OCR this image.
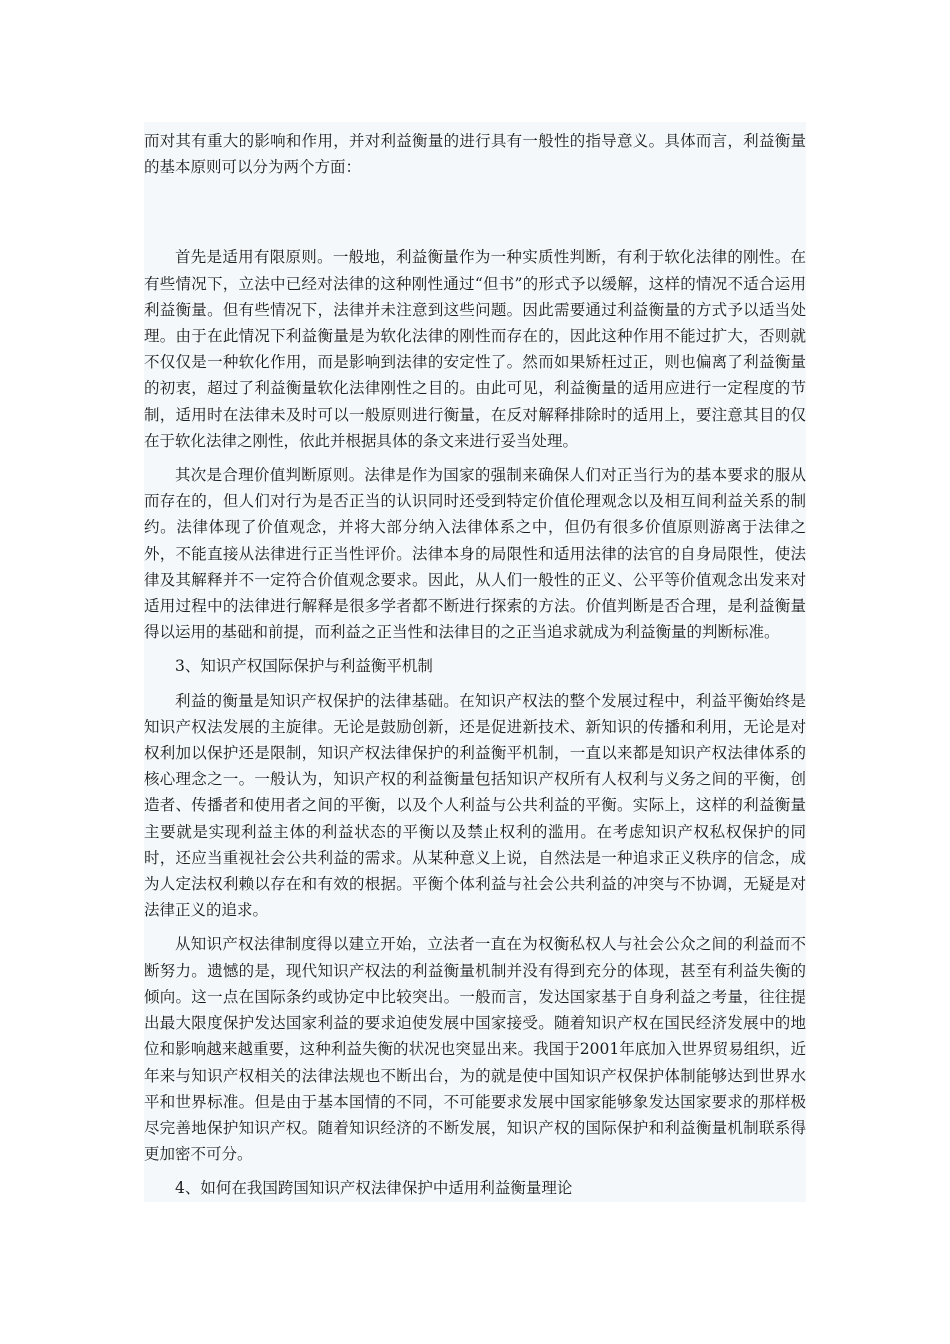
而对其有重大的影响和作用，并对利益衡量的进行具有一般性的指导意义。具体而言，利益衡量的基本原则可以分为两个方面：

首先是适用有限原则。一般地，利益衡量作为一种实质性判断，有利于软化法律的刚性。在有些情况下，立法中已经对法律的这种刚性通过“但书”的形式予以缓解，这样的情况不适合运用利益衡量。但有些情况下，法律并未注意到这些问题。因此需要通过利益衡量的方式予以适当处理。由于在此情况下利益衡量是为软化法律的刚性而存在的，因此这种作用不能过扩大，否则就不仅仅是一种软化作用，而是影响到法律的安定性了。然而如果矫枉过正，则也偏离了利益衡量的初衷，超过了利益衡量软化法律刚性之目的。由此可见，利益衡量的适用应进行一定程度的节制，适用时在法律未及时可以一般原则进行衡量，在反对解释排除时的适用上，要注意其目的仅在于软化法律之刚性，依此并根据具体的条文来进行妥当处理。

其次是合理价值判断原则。法律是作为国家的强制来确保人们对正当行为的基本要求的服从而存在的，但人们对行为是否正当的认识同时还受到特定价值伦理观念以及相互间利益关系的制约。法律体现了价值观念，并将大部分纳入法律体系之中，但仍有很多价值原则游离于法律之外，不能直接从法律进行正当性评价。法律本身的局限性和适用法律的法官的自身局限性，使法律及其解释并不一定符合价值观念要求。因此，从人们一般性的正义、公平等价值观念出发来对适用过程中的法律进行解释是很多学者都不断进行探索的方法。价值判断是否合理，是利益衡量得以运用的基础和前提，而利益之正当性和法律目的之正当追求就成为利益衡量的判断标准。

3、知识产权国际保护与利益衡平机制

利益的衡量是知识产权保护的法律基础。在知识产权法的整个发展过程中，利益平衡始终是知识产权法发展的主旋律。无论是鼓励创新，还是促进新技术、新知识的传播和利用，无论是对权利加以保护还是限制，知识产权法律保护的利益衡平机制，一直以来都是知识产权法律体系的核心理念之一。一般认为，知识产权的利益衡量包括知识产权所有人权利与义务之间的平衡，创造者、传播者和使用者之间的平衡，以及个人利益与公共利益的平衡。实际上，这样的利益衡量主要就是实现利益主体的利益状态的平衡以及禁止权利的滥用。在考虑知识产权私权保护的同时，还应当重视社会公共利益的需求。从某种意义上说，自然法是一种追求正义秩序的信念，成为人定法权利赖以存在和有效的根据。平衡个体利益与社会公共利益的冲突与不协调，无疑是对法律正义的追求。

从知识产权法律制度得以建立开始，立法者一直在为权衡私权人与社会公众之间的利益而不断努力。遗憾的是，现代知识产权法的利益衡量机制并没有得到充分的体现，甚至有利益失衡的倾向。这一点在国际条约或协定中比较突出。一般而言，发达国家基于自身利益之考量，往往提出最大限度保护发达国家利益的要求迫使发展中国家接受。随着知识产权在国民经济发展中的地位和影响越来越重要，这种利益失衡的状况也突显出来。我国于2001年底加入世界贸易组织，近年来与知识产权相关的法律法规也不断出台，为的就是使中国知识产权保护体制能够达到世界水平和世界标准。但是由于基本国情的不同，不可能要求发展中国家能够象发达国家要求的那样极尽完善地保护知识产权。随着知识经济的不断发展，知识产权的国际保护和利益衡量机制联系得更加密不可分。

4、如何在我国跨国知识产权法律保护中适用利益衡量理论
